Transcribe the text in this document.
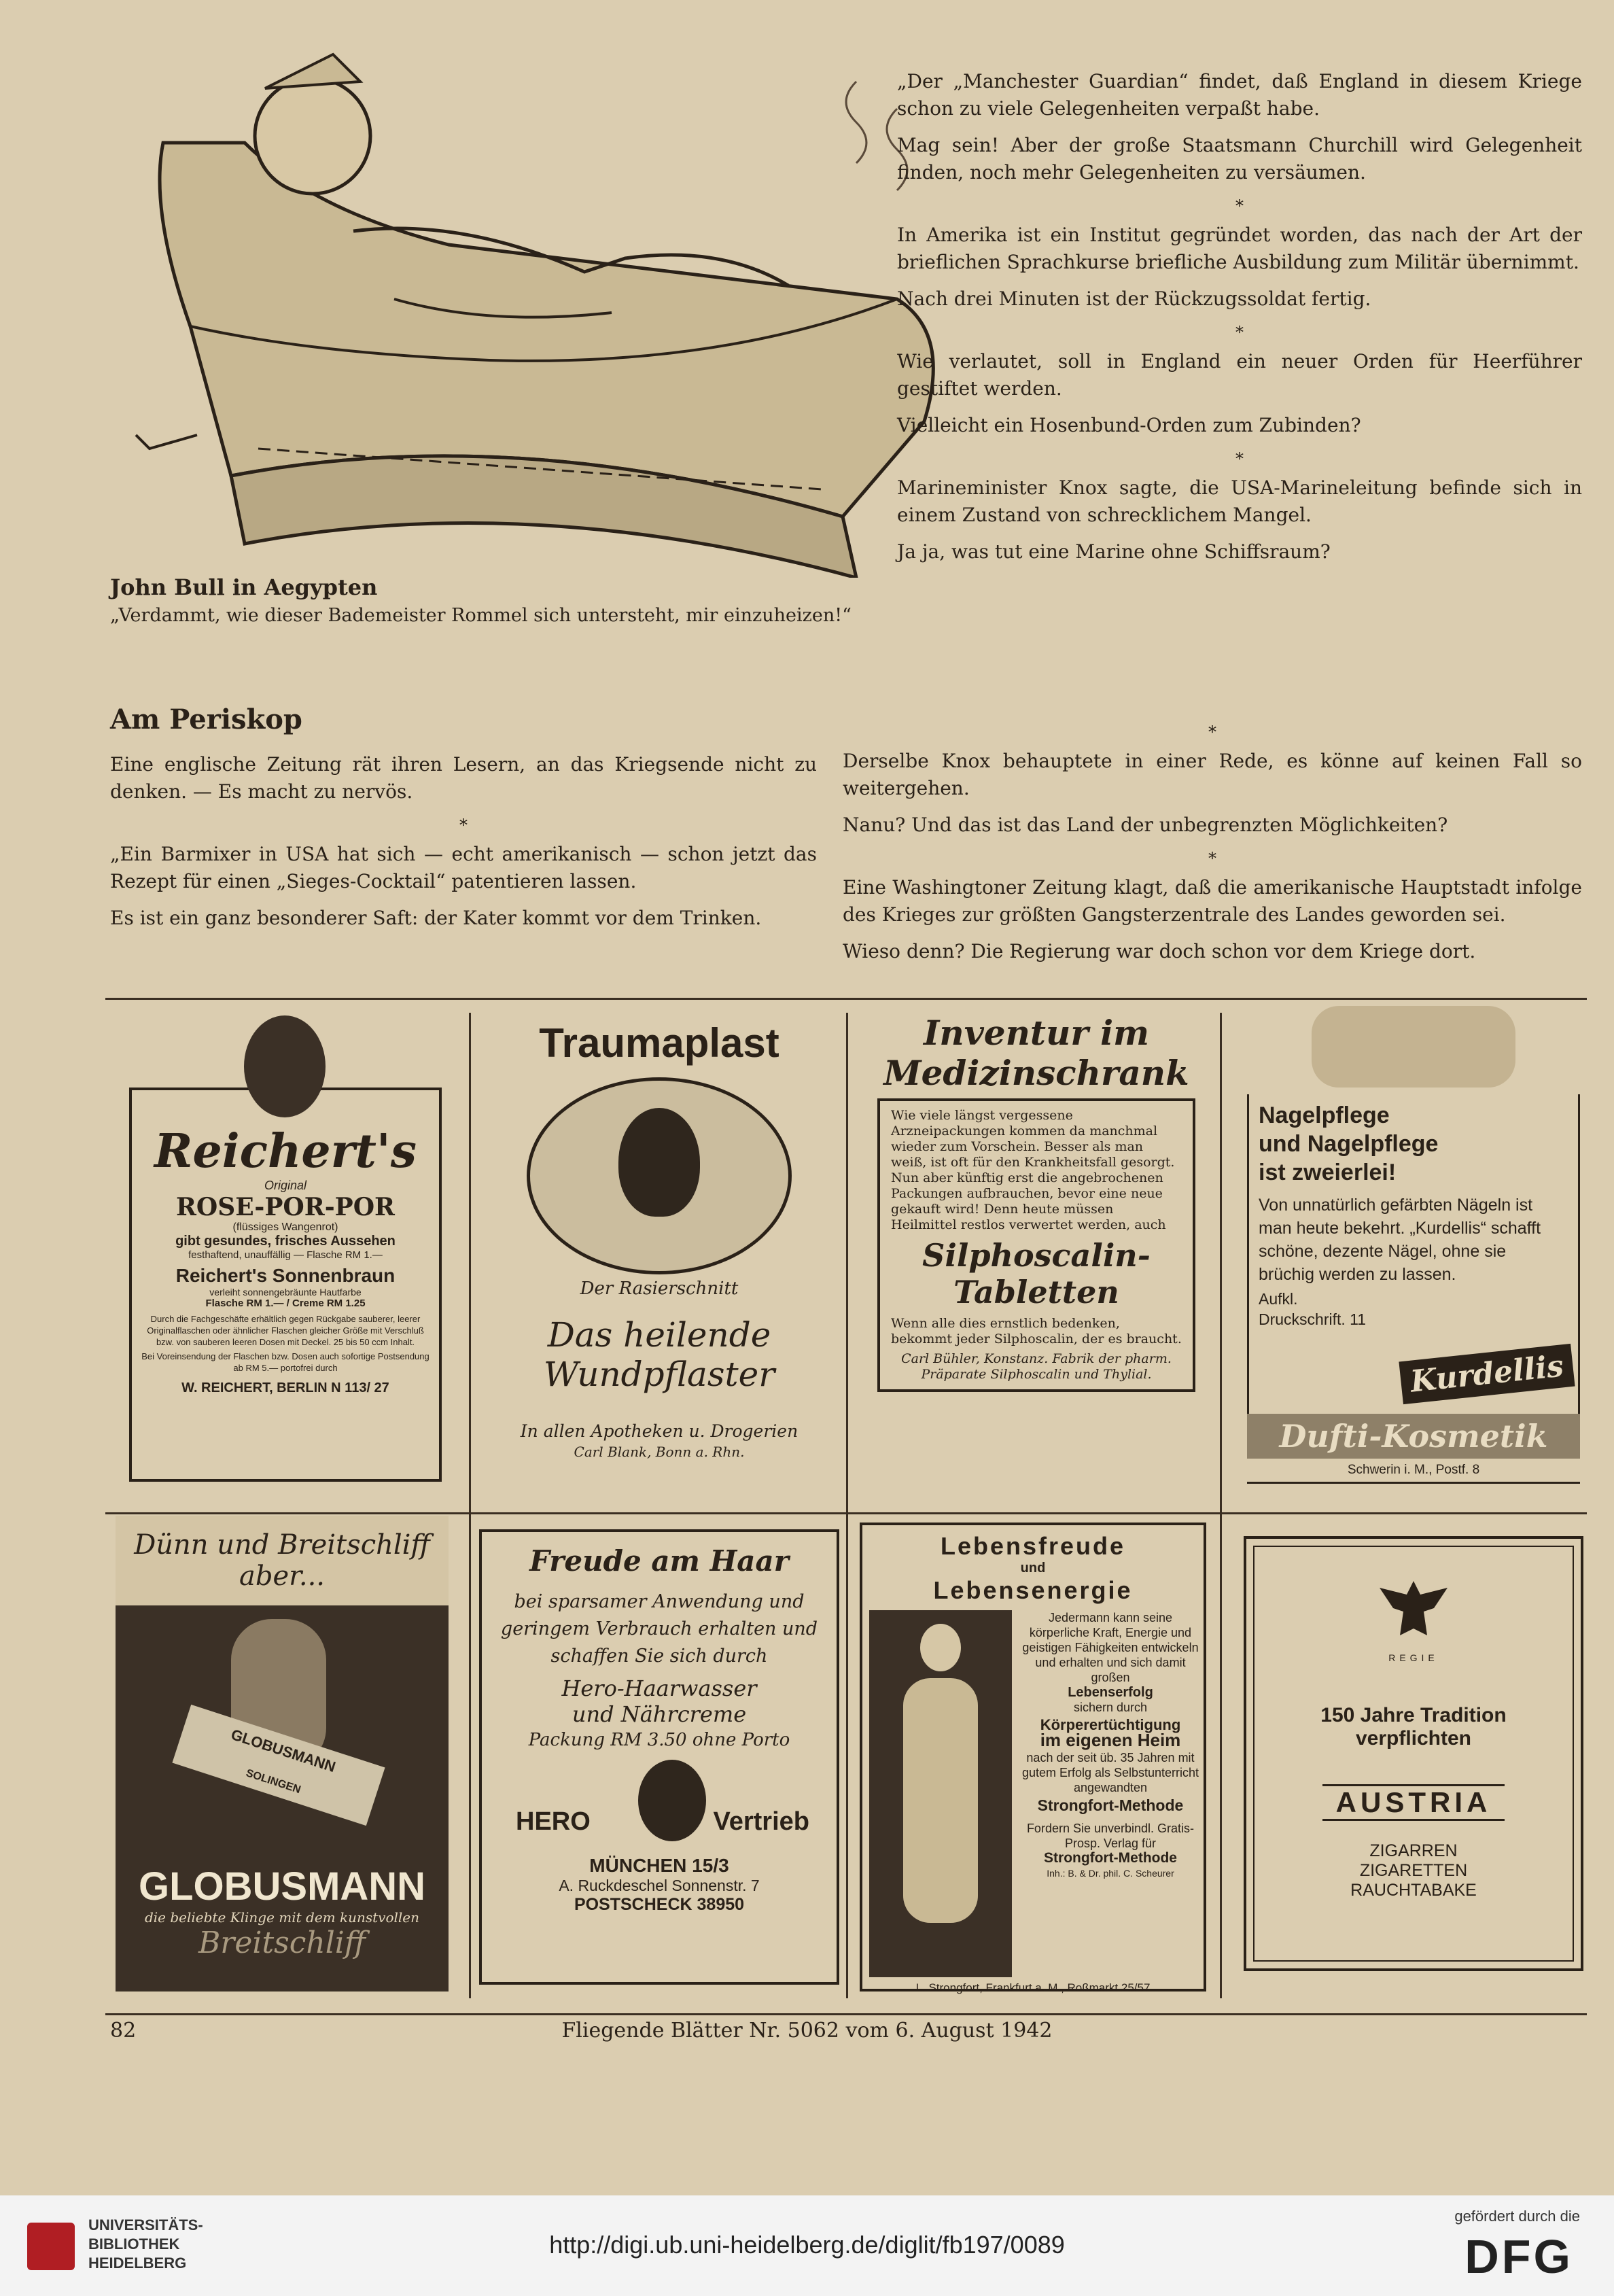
John Bull in Aegypten
„Verdammt, wie dieser Bademeister Rommel sich untersteht, mir einzuheizen!“
Am Periskop

Eine englische Zeitung rät ihren Lesern, an das Kriegsende nicht zu denken. — Es macht zu nervös.

*

„Ein Barmixer in USA hat sich — echt amerikanisch — schon jetzt das Rezept für einen „Sieges-Cocktail“ patentieren lassen.

Es ist ein ganz besonderer Saft: der Kater kommt vor dem Trinken.

„Der „Manchester Guardian“ findet, daß England in diesem Kriege schon zu viele Gelegenheiten verpaßt habe.

Mag sein! Aber der große Staatsmann Churchill wird Gelegenheit finden, noch mehr Gelegenheiten zu versäumen.

*

In Amerika ist ein Institut gegründet worden, das nach der Art der brieflichen Sprachkurse briefliche Ausbildung zum Militär übernimmt.

Nach drei Minuten ist der Rückzugssoldat fertig.

*

Wie verlautet, soll in England ein neuer Orden für Heerführer gestiftet werden.

Vielleicht ein Hosenbund-Orden zum Zubinden?

*

Marineminister Knox sagte, die USA-Marineleitung befinde sich in einem Zustand von schrecklichem Mangel.

Ja ja, was tut eine Marine ohne Schiffsraum?

*

Derselbe Knox behauptete in einer Rede, es könne auf keinen Fall so weitergehen.

Nanu? Und das ist das Land der unbegrenzten Möglichkeiten?

*

Eine Washingtoner Zeitung klagt, daß die amerikanische Hauptstadt infolge des Krieges zur größten Gangsterzentrale des Landes geworden sei.

Wieso denn? Die Regierung war doch schon vor dem Kriege dort.

Reichert's
Original
ROSE-POR-POR
(flüssiges Wangenrot)
gibt gesundes, frisches Aussehen
festhaftend, unauffällig — Flasche RM 1.—
Reichert's Sonnenbraun
verleiht sonnengebräunte Hautfarbe
Flasche RM 1.— / Creme RM 1.25
Durch die Fachgeschäfte erhältlich gegen Rückgabe sauberer, leerer Originalflaschen oder ähnlicher Flaschen gleicher Größe mit Verschluß bzw. von sauberen leeren Dosen mit Deckel. 25 bis 50 ccm Inhalt.
Bei Voreinsendung der Flaschen bzw. Dosen auch sofortige Postsendung ab RM 5.— portofrei durch
W. REICHERT, BERLIN N 113/ 27
Traumaplast
Der Rasierschnitt
Das heilende
Wundpflaster
In allen Apotheken u. Drogerien
Carl Blank, Bonn a. Rhn.
Inventur im
Medizinschrank
Wie viele längst vergessene Arzneipackungen kommen da manchmal wieder zum Vorschein. Besser als man weiß, ist oft für den Krankheitsfall gesorgt. Nun aber künftig erst die angebrochenen Packungen aufbrauchen, bevor eine neue gekauft wird! Denn heute müssen Heilmittel restlos verwertet werden, auch
Silphoscalin-
Tabletten
Wenn alle dies ernstlich bedenken, bekommt jeder Silphoscalin, der es braucht.
Carl Bühler, Konstanz. Fabrik der pharm. Präparate Silphoscalin und Thylial.
Nagelpflege
und Nagelpflege
ist zweierlei!
Von unnatürlich gefärbten Nägeln ist man heute bekehrt. „Kurdellis“ schafft schöne, dezente Nägel, ohne sie brüchig werden zu lassen.
Aufkl. Druckschrift. 11
Kurdellis
Dufti-Kosmetik
Schwerin i. M., Postf. 8
Dünn und Breitschliff aber...
GLOBUSMANN
SOLINGEN
GLOBUSMANN
die beliebte Klinge mit dem kunstvollen
Breitschliff
Freude am Haar
bei sparsamer Anwendung und geringem Verbrauch erhalten und schaffen Sie sich durch
Hero-Haarwasser
und Nährcreme
Packung RM 3.50 ohne Porto
HERO	Vertrieb
MÜNCHEN 15/3
A. Ruckdeschel Sonnenstr. 7
POSTSCHECK 38950
Lebensfreude
und
Lebensenergie
Jedermann kann seine körperliche Kraft, Energie und geistigen Fähigkeiten entwickeln und erhalten und sich damit großen
Lebenserfolg
sichern durch
Körperertüchtigung
im eigenen Heim
nach der seit üb. 35 Jahren mit gutem Erfolg als Selbstunterricht angewandten
Strongfort-Methode
Fordern Sie unverbindl. Gratis-Prosp. Verlag für
Strongfort-Methode
Inh.: B. & Dr. phil. C. Scheurer
L. Strongfort, Frankfurt a. M., Roßmarkt 25/57
REGIE
150 Jahre Tradition
verpflichten
AUSTRIA
ZIGARREN
ZIGARETTEN
RAUCHTABAKE
82	Fliegende Blätter Nr. 5062 vom 6. August 1942
UNIVERSITÄTS-
BIBLIOTHEK
HEIDELBERG
http://digi.ub.uni-heidelberg.de/diglit/fb197/0089
gefördert durch die
DFG
